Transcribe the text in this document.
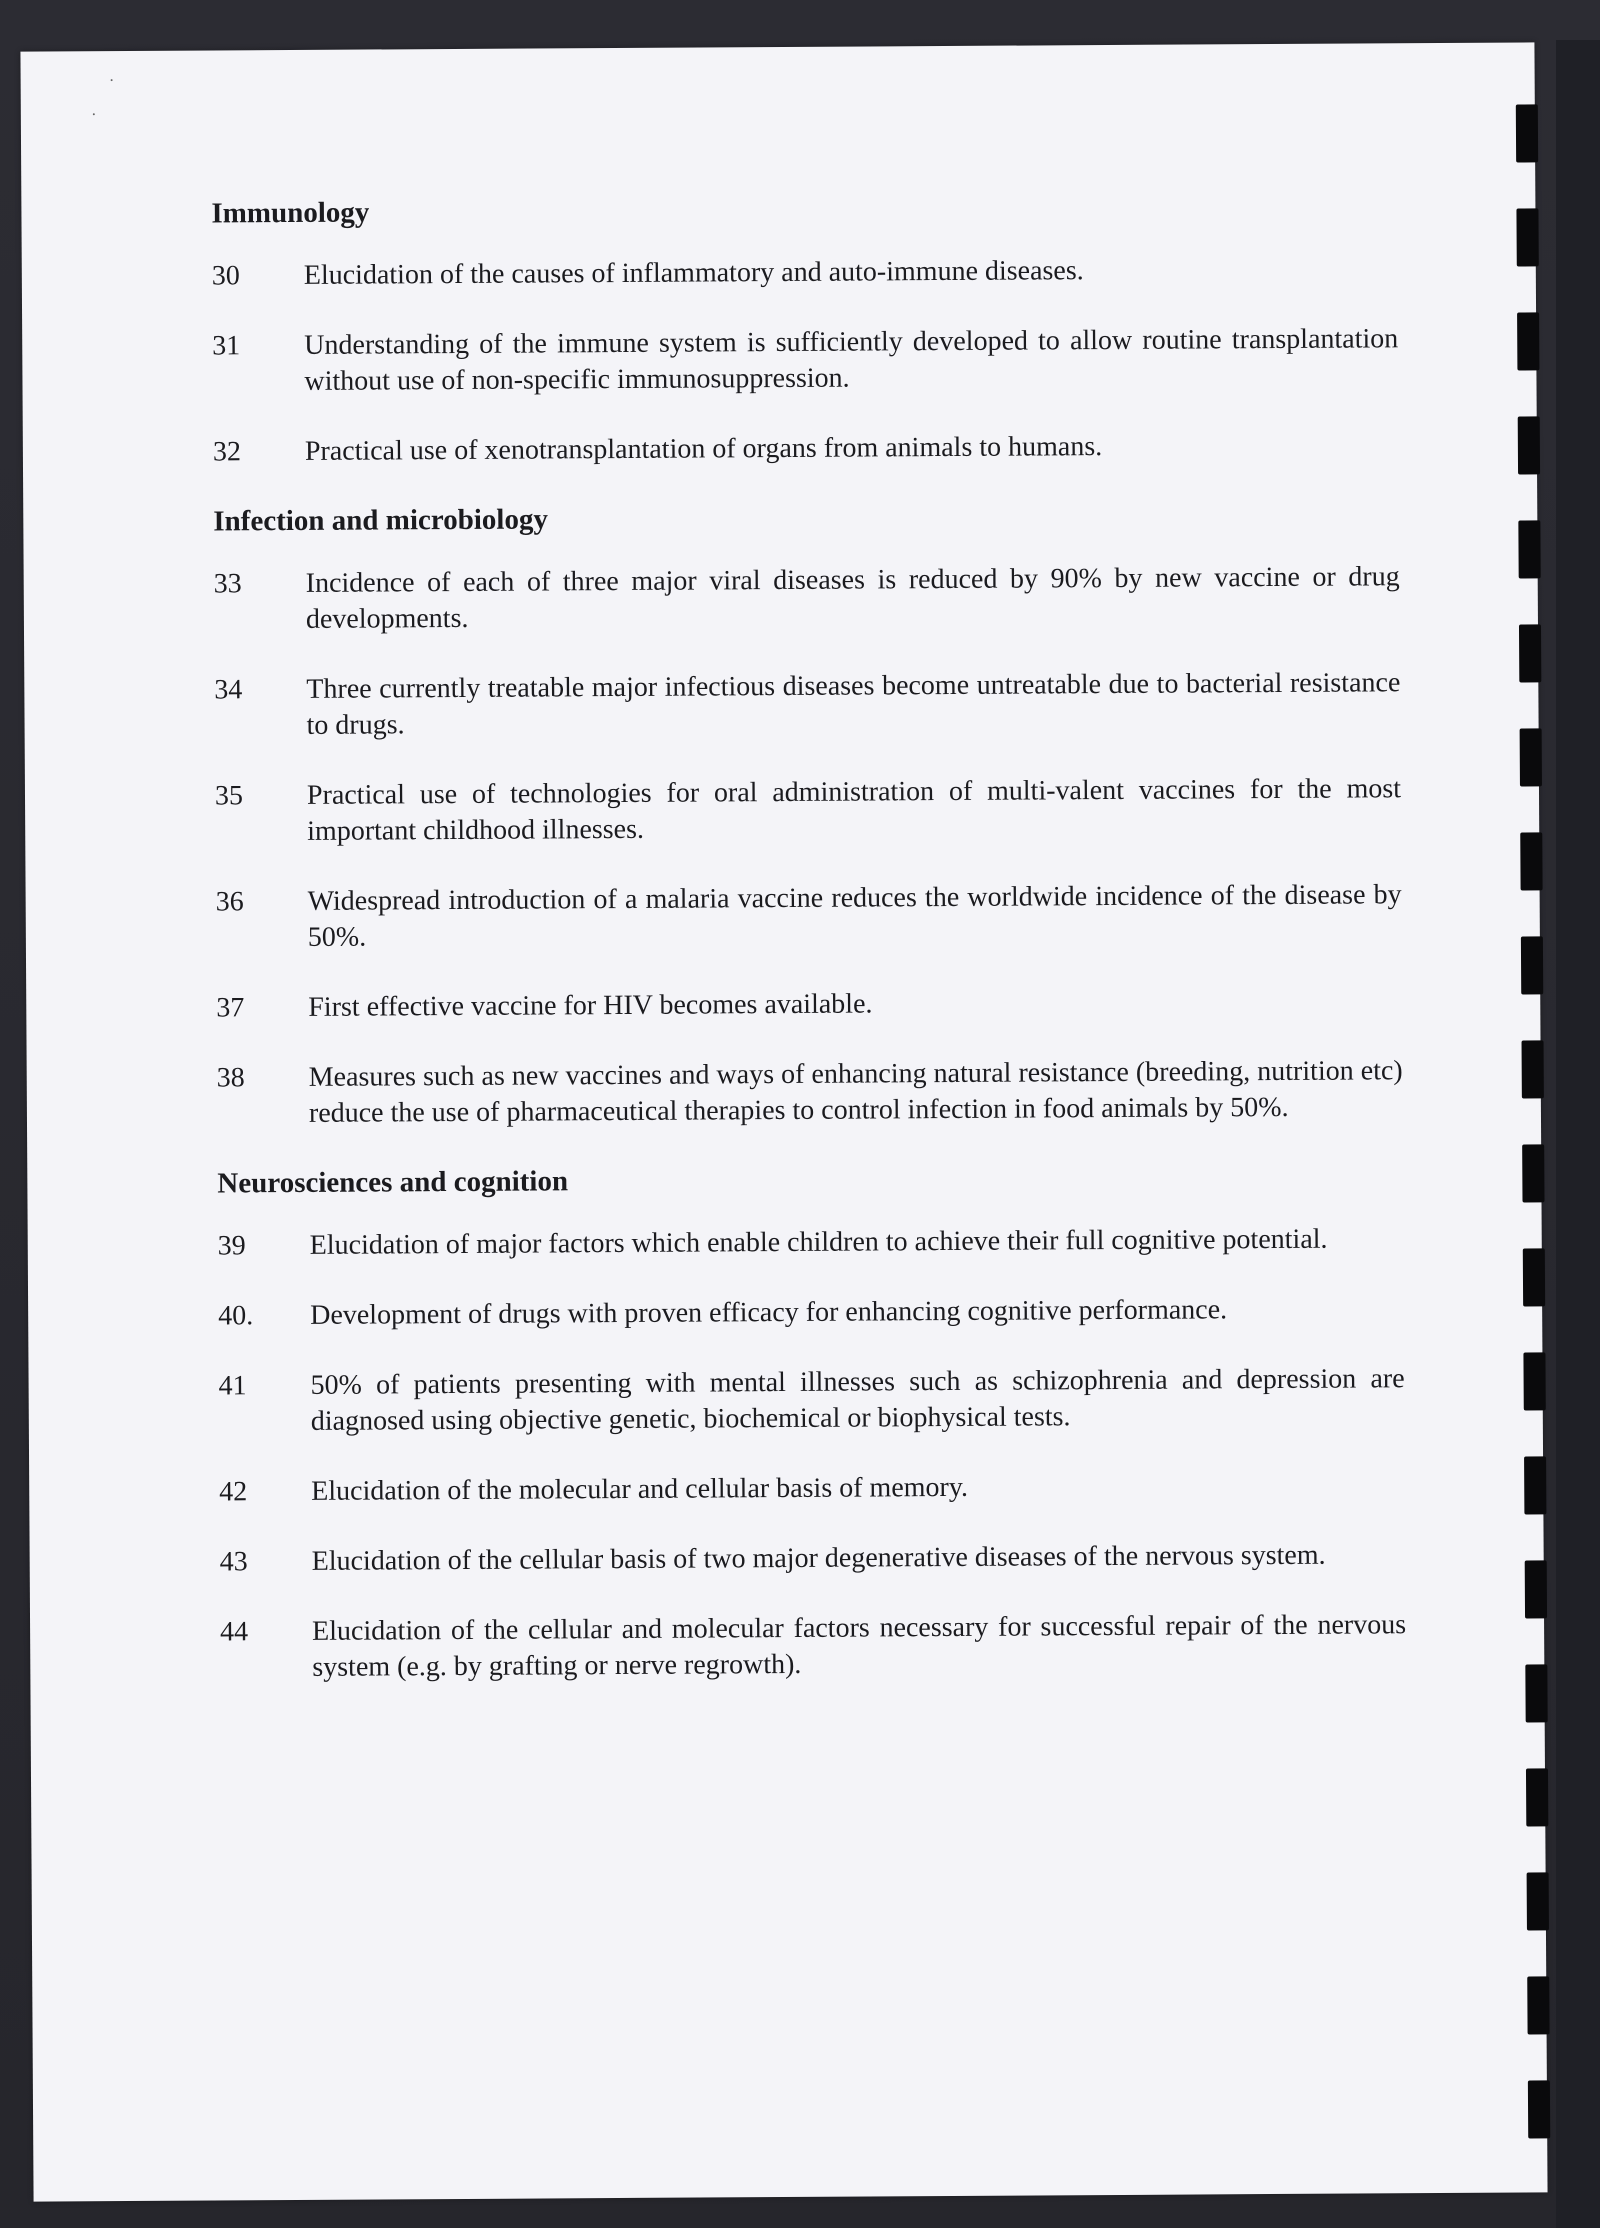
Immunology
30	Elucidation of the causes of inflammatory and auto-immune diseases.
31	Understanding of the immune system is sufficiently developed to allow routine transplantation without use of non-specific immunosuppression.
32	Practical use of xenotransplantation of organs from animals to humans.
Infection and microbiology
33	Incidence of each of three major viral diseases is reduced by 90% by new vaccine or drug developments.
34	Three currently treatable major infectious diseases become untreatable due to bacterial resistance to drugs.
35	Practical use of technologies for oral administration of multi-valent vaccines for the most important childhood illnesses.
36	Widespread introduction of a malaria vaccine reduces the worldwide incidence of the disease by 50%.
37	First effective vaccine for HIV becomes available.
38	Measures such as new vaccines and ways of enhancing natural resistance (breeding, nutrition etc) reduce the use of pharmaceutical therapies to control infection in food animals by 50%.
Neurosciences and cognition
39	Elucidation of major factors which enable children to achieve their full cognitive potential.
40.	Development of drugs with proven efficacy for enhancing cognitive performance.
41	50% of patients presenting with mental illnesses such as schizophrenia and depression are diagnosed using objective genetic, biochemical or biophysical tests.
42	Elucidation of the molecular and cellular basis of memory.
43	Elucidation of the cellular basis of two major degenerative diseases of the nervous system.
44	Elucidation of the cellular and molecular factors necessary for successful repair of the nervous system (e.g. by grafting or nerve regrowth).
